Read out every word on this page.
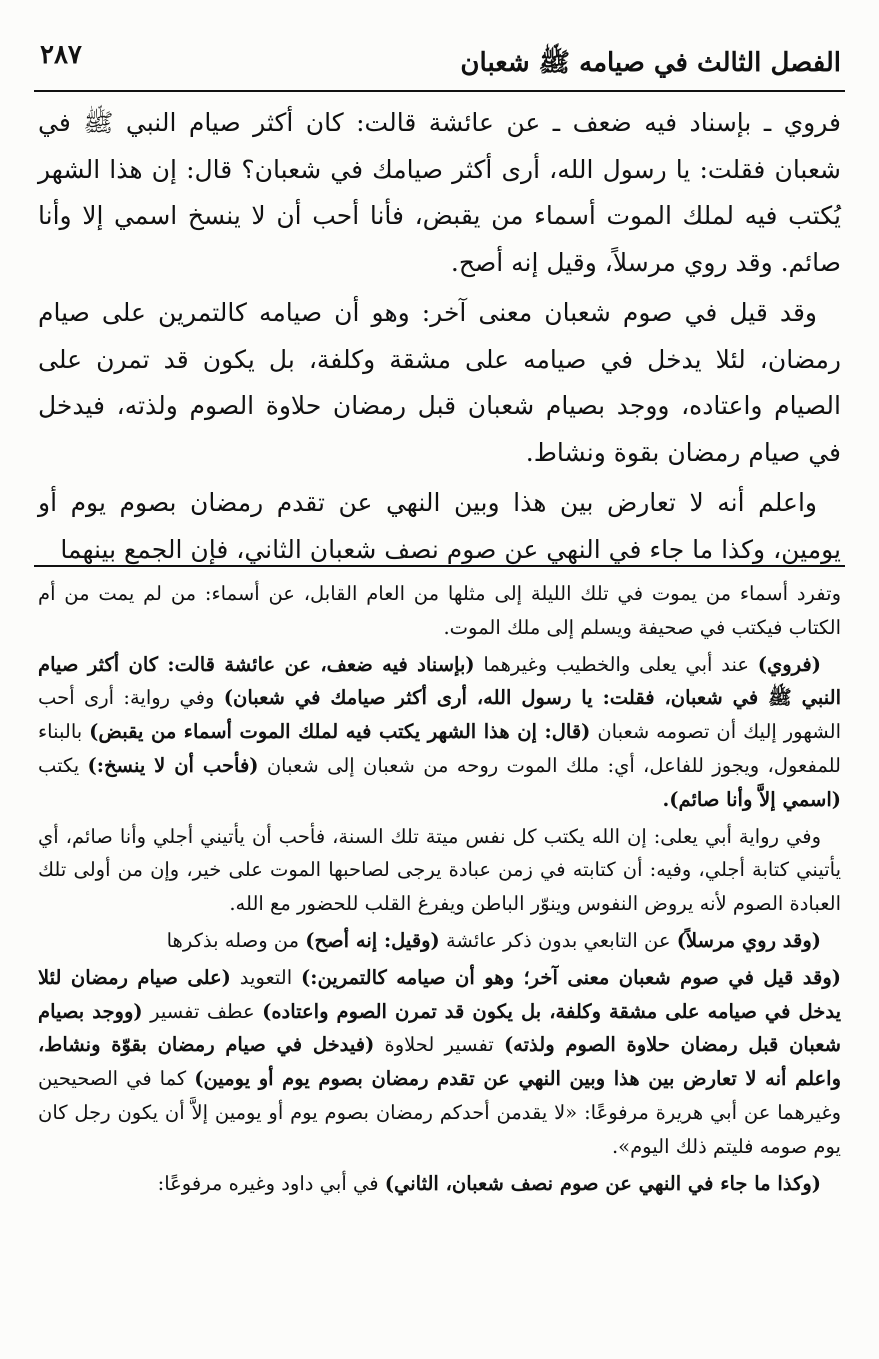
الفصل الثالث في صيامه ﷺ شعبان
٢٨٧

فروي ـ بإسناد فيه ضعف ـ عن عائشة قالت: كان أكثر صيام النبي ﷺ في شعبان فقلت: يا رسول الله، أرى أكثر صيامك في شعبان؟ قال: إن هذا الشهر يُكتب فيه لملك الموت أسماء من يقبض، فأنا أحب أن لا ينسخ اسمي إلا وأنا صائم. وقد روي مرسلاً، وقيل إنه أصح.

وقد قيل في صوم شعبان معنى آخر: وهو أن صيامه كالتمرين على صيام رمضان، لئلا يدخل في صيامه على مشقة وكلفة، بل يكون قد تمرن على الصيام واعتاده، ووجد بصيام شعبان قبل رمضان حلاوة الصوم ولذته، فيدخل في صيام رمضان بقوة ونشاط.

واعلم أنه لا تعارض بين هذا وبين النهي عن تقدم رمضان بصوم يوم أو يومين، وكذا ما جاء في النهي عن صوم نصف شعبان الثاني، فإن الجمع بينهما

وتفرد أسماء من يموت في تلك الليلة إلى مثلها من العام القابل، عن أسماء: من لم يمت من أم الكتاب فيكتب في صحيفة ويسلم إلى ملك الموت.

(فروي) عند أبي يعلى والخطيب وغيرهما (بإسناد فيه ضعف، عن عائشة قالت: كان أكثر صيام النبي ﷺ في شعبان، فقلت: يا رسول الله، أرى أكثر صيامك في شعبان) وفي رواية: أرى أحب الشهور إليك أن تصومه شعبان (قال: إن هذا الشهر يكتب فيه لملك الموت أسماء من يقبض) بالبناء للمفعول، ويجوز للفاعل، أي: ملك الموت روحه من شعبان إلى شعبان (فأحب أن لا ينسخ:) يكتب (اسمي إلاَّ وأنا صائم).

وفي رواية أبي يعلى: إن الله يكتب كل نفس ميتة تلك السنة، فأحب أن يأتيني أجلي وأنا صائم، أي يأتيني كتابة أجلي، وفيه: أن كتابته في زمن عبادة يرجى لصاحبها الموت على خير، وإن من أولى تلك العبادة الصوم لأنه يروض النفوس وينوّر الباطن ويفرغ القلب للحضور مع الله.

(وقد روي مرسلاً) عن التابعي بدون ذكر عائشة (وقيل: إنه أصح) من وصله بذكرها

(وقد قيل في صوم شعبان معنى آخر؛ وهو أن صيامه كالتمرين:) التعويد (على صيام رمضان لئلا يدخل في صيامه على مشقة وكلفة، بل يكون قد تمرن الصوم واعتاده) عطف تفسير (ووجد بصيام شعبان قبل رمضان حلاوة الصوم ولذته) تفسير لحلاوة (فيدخل في صيام رمضان بقوّة ونشاط، واعلم أنه لا تعارض بين هذا وبين النهي عن تقدم رمضان بصوم يوم أو يومين) كما في الصحيحين وغيرهما عن أبي هريرة مرفوعًا: «لا يقدمن أحدكم رمضان بصوم يوم أو يومين إلاَّ أن يكون رجل كان يوم صومه فليتم ذلك اليوم».

(وكذا ما جاء في النهي عن صوم نصف شعبان، الثاني) في أبي داود وغيره مرفوعًا:
